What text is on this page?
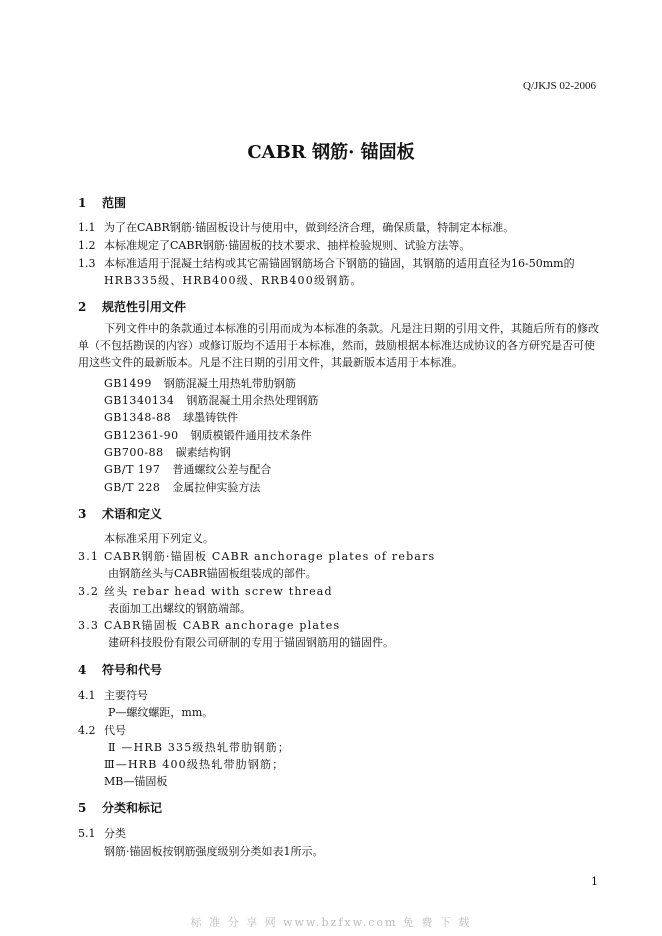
Q/JKJS 02-2006
CABR 钢筋· 锚固板
1 范围
1.1 为了在CABR钢筋·锚固板设计与使用中，做到经济合理，确保质量，特制定本标准。
1.2 本标准规定了CABR钢筋·锚固板的技术要求、抽样检验规则、试验方法等。
1.3 本标准适用于混凝土结构或其它需锚固钢筋场合下钢筋的锚固，其钢筋的适用直径为16-50mm的
HRB335级、HRB400级、RRB400级钢筋。
2 规范性引用文件
下列文件中的条款通过本标准的引用而成为本标准的条款。凡是注日期的引用文件，其随后所有的修改单（不包括勘误的内容）或修订版均不适用于本标准，然而，鼓励根据本标准达成协议的各方研究是否可使用这些文件的最新版本。凡是不注日期的引用文件，其最新版本适用于本标准。
GB1499 钢筋混凝土用热轧带肋钢筋
GB1340134 钢筋混凝土用余热处理钢筋
GB1348-88 球墨铸铁件
GB12361-90 钢质模锻件通用技术条件
GB700-88 碳素结构钢
GB/T 197 普通螺纹公差与配合
GB/T 228 金属拉伸实验方法
3 术语和定义
本标准采用下列定义。
3.1 CABR钢筋·锚固板 CABR anchorage plates of rebars
由钢筋丝头与CABR锚固板组装成的部件。
3.2 丝头 rebar head with screw thread
表面加工出螺纹的钢筋端部。
3.3 CABR锚固板 CABR anchorage plates
建研科技股份有限公司研制的专用于锚固钢筋用的锚固件。
4 符号和代号
4.1 主要符号
P—螺纹螺距，mm。
4.2 代号
Ⅱ —HRB 335级热轧带肋钢筋；
Ⅲ—HRB 400级热轧带肋钢筋；
MB—锚固板
5 分类和标记
5.1 分类
钢筋·锚固板按钢筋强度级别分类如表1所示。
1
标 准 分 享 网 www.bzfxw.com 免 费 下 载
